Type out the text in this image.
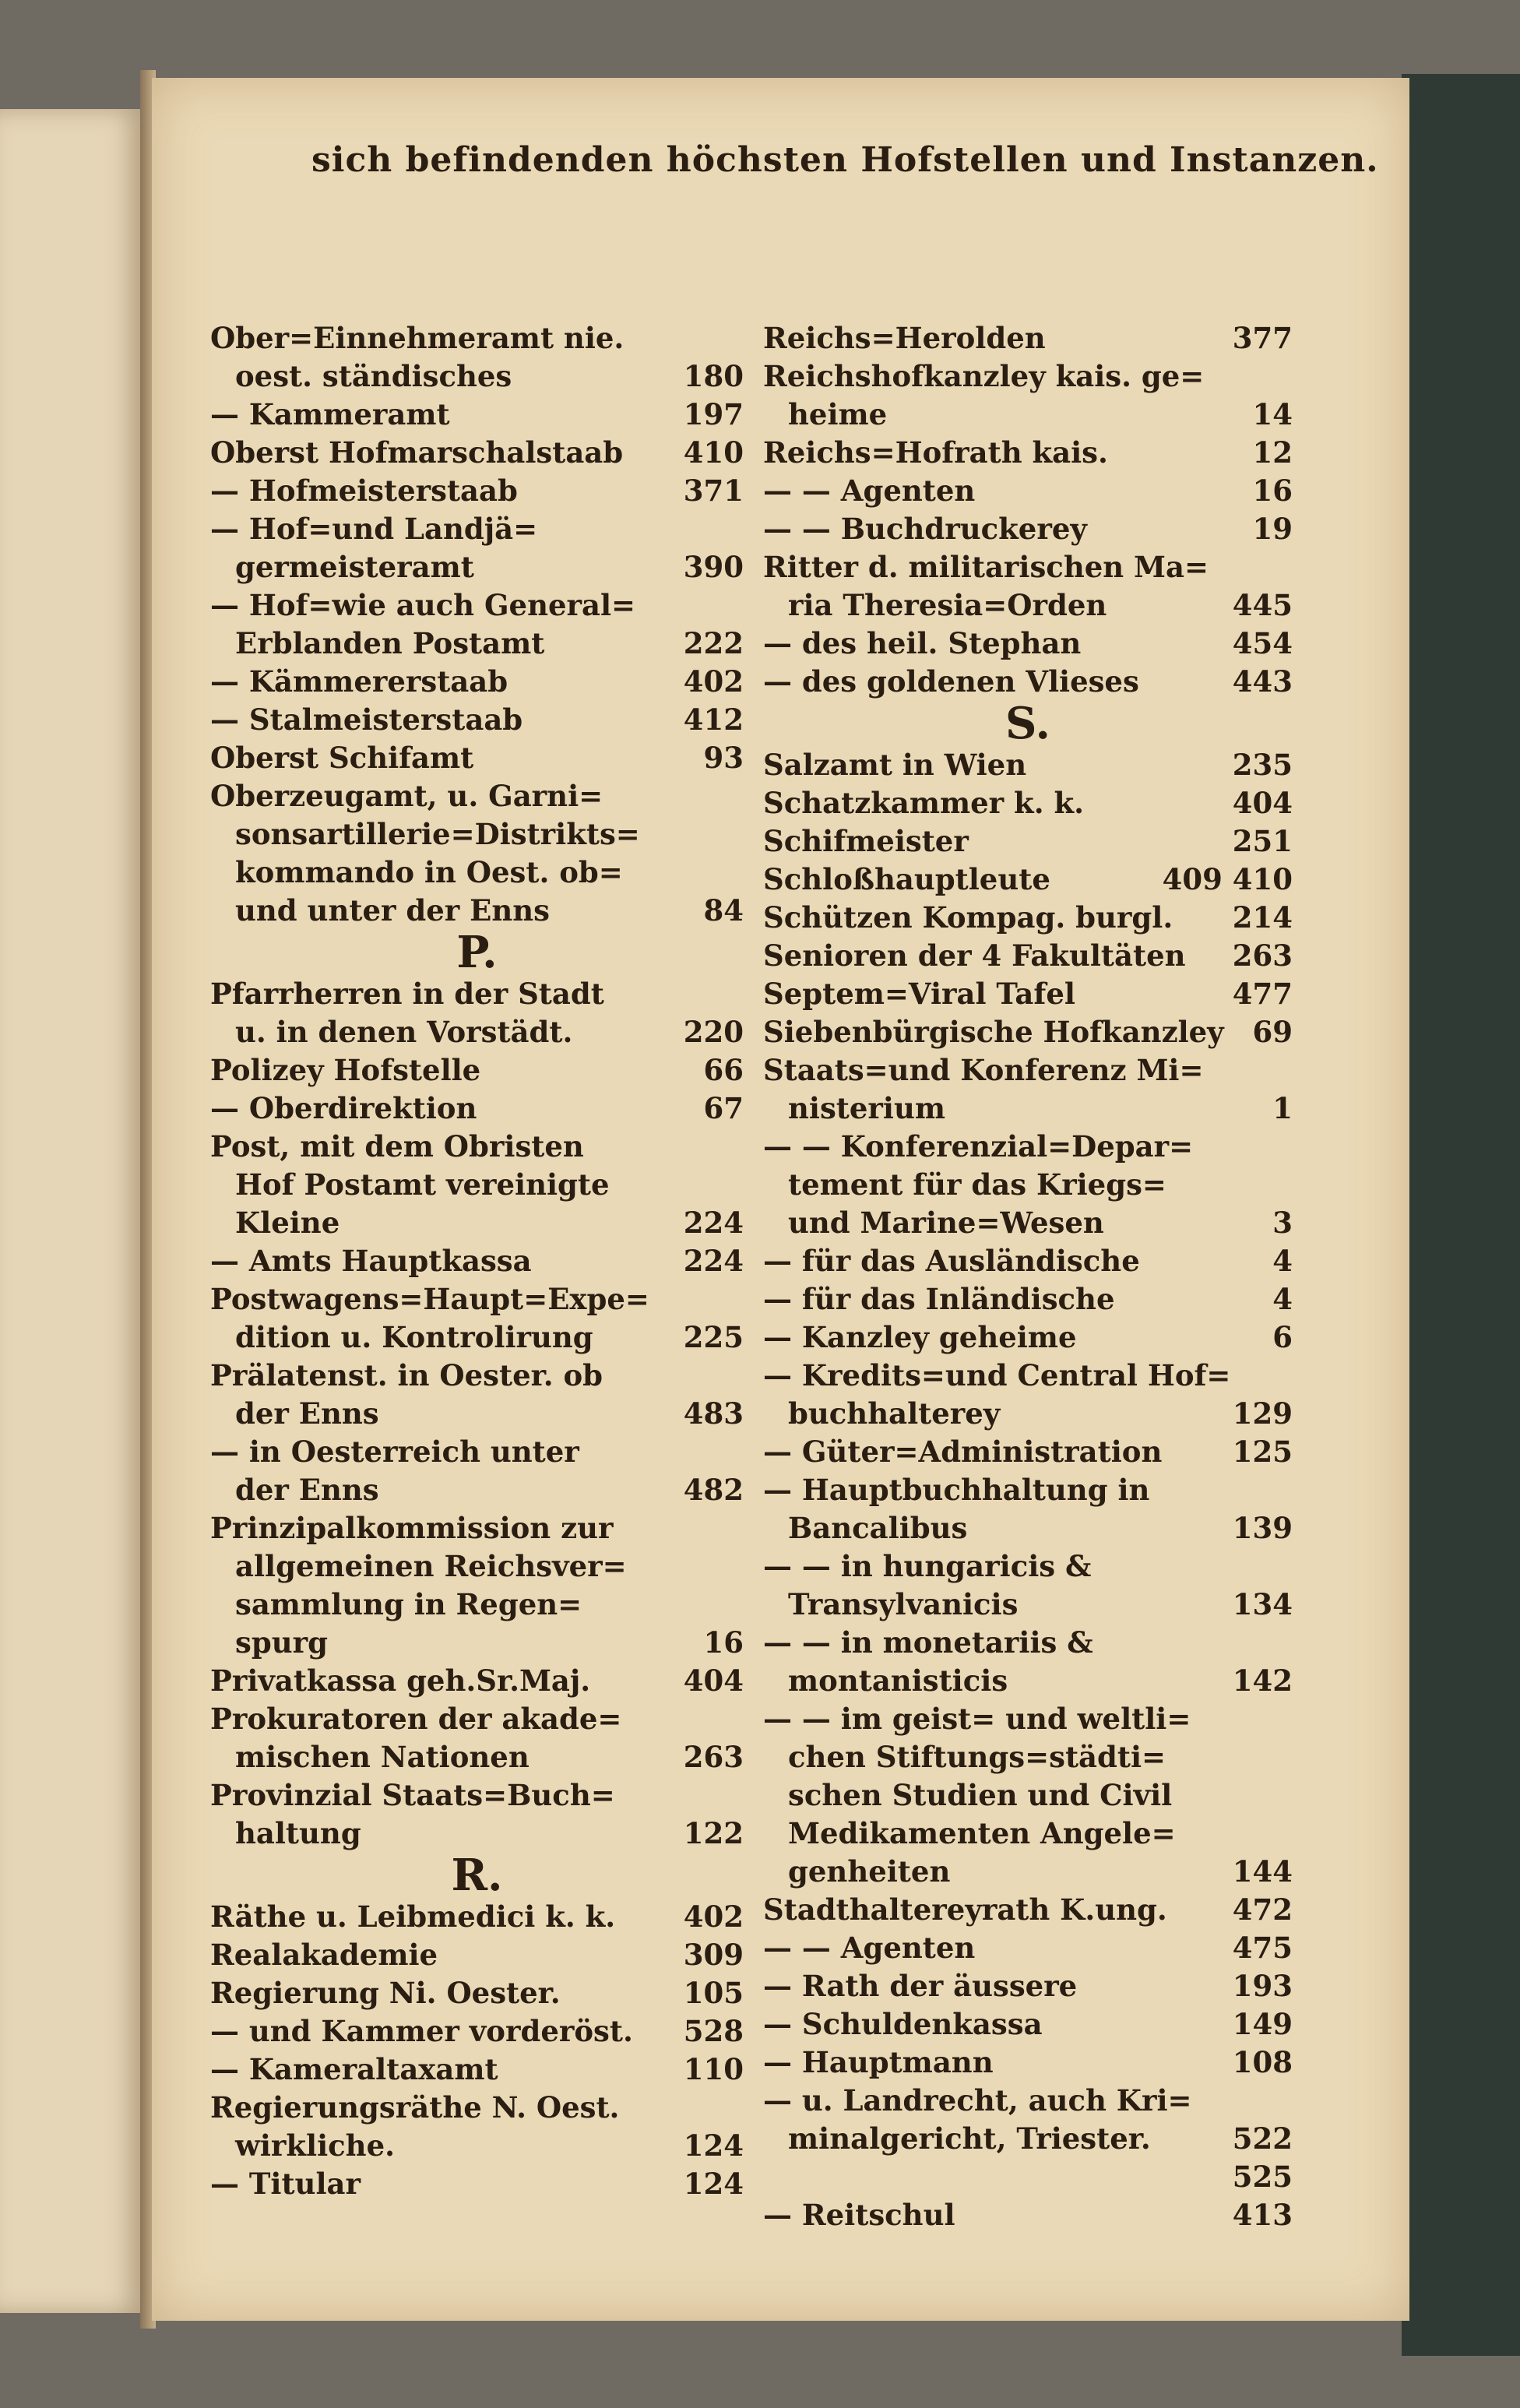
sich befindenden höchsten Hofstellen und Instanzen.
Ober=Einnehmeramt nie.
oest. ständisches	180
— Kammeramt	197
Oberst Hofmarschalstaab 410
— Hofmeisterstaab	371
— Hof=und Landjä=
germeisteramt	390
— Hof=wie auch General=
Erblanden Postamt	222
— Kämmererstaab	402
— Stalmeisterstaab	412
Oberst Schifamt	93
Oberzeugamt, u. Garni=
sonsartillerie=Distrikts=
kommando in Oest. ob=
und unter der Enns	84
P.
Pfarrherren in der Stadt
u. in denen Vorstädt.	220
Polizey Hofstelle	66
— Oberdirektion	67
Post, mit dem Obristen
Hof Postamt vereinigte
Kleine	224
— Amts Hauptkassa	224
Postwagens=Haupt=Expe=
dition u. Kontrolirung	225
Prälatenst. in Oester. ob
der Enns	483
— in Oesterreich unter
der Enns	482
Prinzipalkommission zur
allgemeinen Reichsver=
sammlung in Regen=
spurg	16
Privatkassa geh.Sr.Maj.	404
Prokuratoren der akade=
mischen Nationen	263
Provinzial Staats=Buch=
haltung	122
R.
Räthe u. Leibmedici k. k. 402
Realakademie	309
Regierung Ni. Oester.	105
— und Kammer vorderöst. 528
— Kameraltaxamt	110
Regierungsräthe N. Oest.
wirkliche.	124
— Titular	124
Reichs=Herolden	377
Reichshofkanzley kais. ge=
heime	14
Reichs=Hofrath kais.	12
— — Agenten	16
— — Buchdruckerey	19
Ritter d. militarischen Ma=
ria Theresia=Orden	445
— des heil. Stephan	454
— des goldenen Vlieses	443
S.
Salzamt in Wien	235
Schatzkammer k. k.	404
Schifmeister	251
Schloßhauptleute	409 410
Schützen Kompag. burgl. 214
Senioren der 4 Fakultäten 263
Septem=Viral Tafel	477
Siebenbürgische Hofkanzley 69
Staats=und Konferenz Mi=
nisterium	1
— — Konferenzial=Depar=
tement für das Kriegs=
und Marine=Wesen	3
— für das Ausländische	4
— für das Inländische	4
— Kanzley geheime	6
— Kredits=und Central Hof=
buchhalterey	129
— Güter=Administration 125
— Hauptbuchhaltung in
Bancalibus	139
— — in hungaricis &
Transylvanicis	134
— — in monetariis &
montanisticis	142
— — im geist= und weltli=
chen Stiftungs=städti=
schen Studien und Civil
Medikamenten Angele=
genheiten	144
Stadthaltereyrath K.ung. 472
— — Agenten	475
— Rath der äussere	193
— Schuldenkassa	149
— Hauptmann	108
— u. Landrecht, auch Kri=
minalgericht, Triester.	522
525
— Reitschul	413
